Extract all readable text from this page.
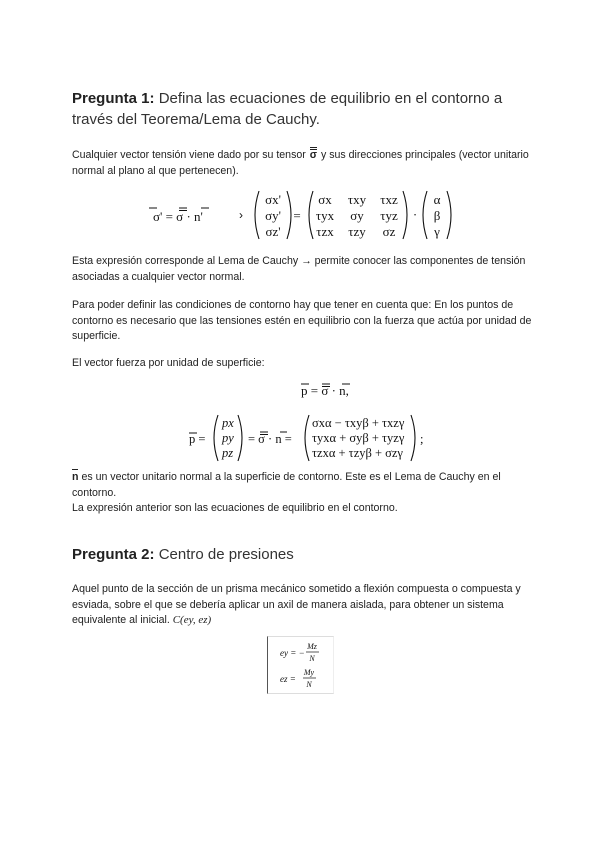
Pregunta 1: Defina las ecuaciones de equilibrio en el contorno a través del Teorema/Lema de Cauchy.
Cualquier vector tensión viene dado por su tensor σ y sus direcciones principales (vector unitario normal al plano al que pertenecen).
σ' = σ · n'	›
σx'
σy'
σz'
=
σx τxy τxz
τyx σy τyz
τzx τzy σz
·
α
β
γ
Esta expresión corresponde al Lema de Cauchy → permite conocer las componentes de tensión asociadas a cualquier vector normal.
Para poder definir las condiciones de contorno hay que tener en cuenta que: En los puntos de contorno es necesario que las tensiones estén en equilibrio con la fuerza que actúa por unidad de superficie.
El vector fuerza por unidad de superficie:
p = σ · n,
p =
px
py
pz
= σ · n =
σxα − τxyβ + τxzγ
τyxα + σyβ + τyzγ
τzxα + τzyβ + σzγ
;
n es un vector unitario normal a la superficie de contorno. Este es el Lema de Cauchy en el contorno.
La expresión anterior son las ecuaciones de equilibrio en el contorno.
Pregunta 2: Centro de presiones
Aquel punto de la sección de un prisma mecánico sometido a flexión compuesta o compuesta y esviada, sobre el que se debería aplicar un axil de manera aislada, para obtener un sistema equivalente al inicial. C(ey, ez)
ey = −
Mz
N
ez =
My
N
